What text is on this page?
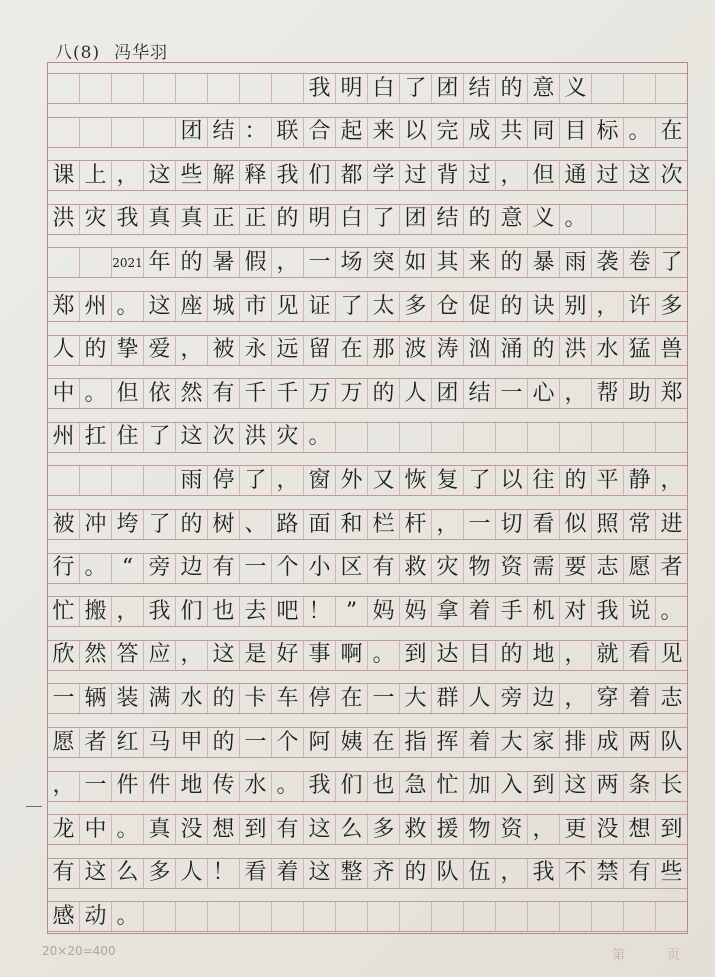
八(8) 冯华羽
我 明 白 了 团 结 的 意 义
团 结 ： 联 合 起 来 以 完 成 共 同 目 标 。 在
课 上 ， 这 些 解 释 我 们 都 学 过 背 过 ， 但 通 过 这 次
洪 灾 我 真 真 正 正 的 明 白 了 团 结 的 意 义 。
2021 年 的 暑 假 ， 一 场 突 如 其 来 的 暴 雨 袭 卷 了
郑 州 。 这 座 城 市 见 证 了 太 多 仓 促 的 诀 别 ， 许 多
人 的 挚 爱 ， 被 永 远 留 在 那 波 涛 汹 涌 的 洪 水 猛 兽
中 。 但 依 然 有 千 千 万 万 的 人 团 结 一 心 ， 帮 助 郑
州 扛 住 了 这 次 洪 灾 。
雨 停 了 ， 窗 外 又 恢 复 了 以 往 的 平 静 ，
被 冲 垮 了 的 树 、 路 面 和 栏 杆 ， 一 切 看 似 照 常 进
行 。 “ 旁 边 有 一 个 小 区 有 救 灾 物 资 需 要 志 愿 者
忙 搬 ， 我 们 也 去 吧 ！ ” 妈 妈 拿 着 手 机 对 我 说 。
欣 然 答 应 ， 这 是 好 事 啊 。 到 达 目 的 地 ， 就 看 见
一 辆 装 满 水 的 卡 车 停 在 一 大 群 人 旁 边 ， 穿 着 志
愿 者 红 马 甲 的 一 个 阿 姨 在 指 挥 着 大 家 排 成 两 队
， 一 件 件 地 传 水 。 我 们 也 急 忙 加 入 到 这 两 条 长
龙 中 。 真 没 想 到 有 这 么 多 救 援 物 资 ， 更 没 想 到
有 这 么 多 人 ！ 看 着 这 整 齐 的 队 伍 ， 我 不 禁 有 些
感 动 。
20×20=400	第	页
